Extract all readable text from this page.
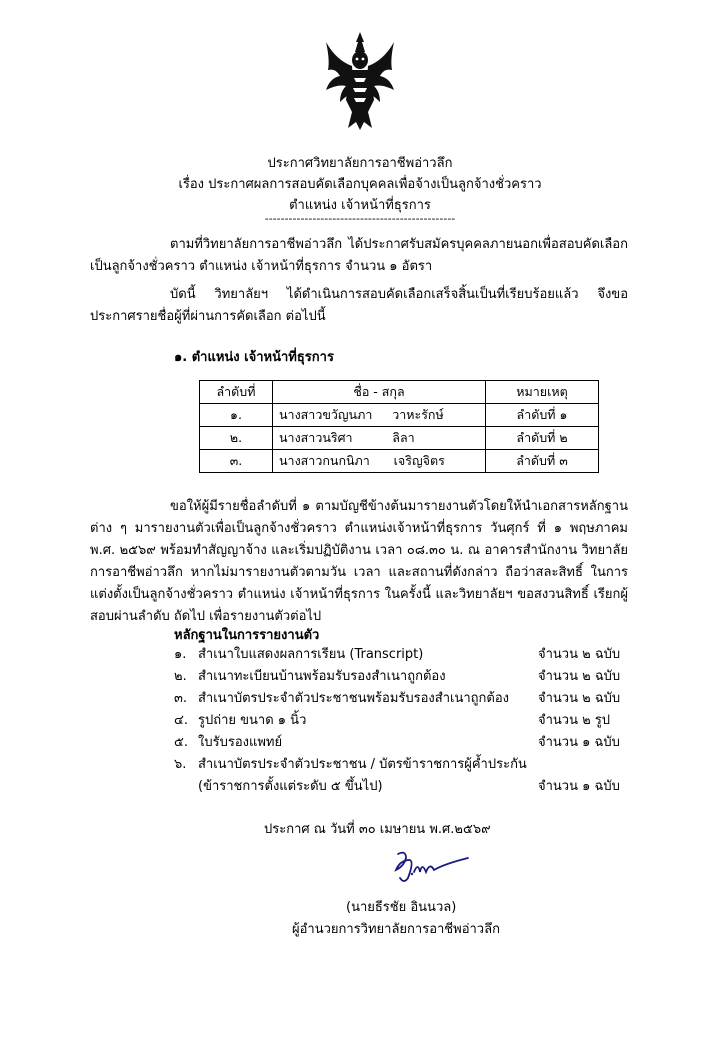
ประกาศวิทยาลัยการอาชีพอ่าวลึก
เรื่อง ประกาศผลการสอบคัดเลือกบุคคลเพื่อจ้างเป็นลูกจ้างชั่วคราว
ตำแหน่ง เจ้าหน้าที่ธุรการ
------------------------------------------------
ตามที่วิทยาลัยการอาชีพอ่าวลึก ได้ประกาศรับสมัครบุคคลภายนอกเพื่อสอบคัดเลือกเป็นลูกจ้างชั่วคราว ตำแหน่ง เจ้าหน้าที่ธุรการ จำนวน ๑ อัตรา
บัดนี้ วิทยาลัยฯ ได้ดำเนินการสอบคัดเลือกเสร็จสิ้นเป็นที่เรียบร้อยแล้ว จึงขอประกาศรายชื่อผู้ที่ผ่านการคัดเลือก ต่อไปนี้
๑. ตำแหน่ง เจ้าหน้าที่ธุรการ
ลำดับที่	ชื่อ - สกุล	หมายเหตุ
๑.	นางสาวขวัญนภา     วาหะรักษ์	ลำดับที่ ๑
๒.	นางสาวนริศา          ลิลา	ลำดับที่ ๒
๓.	นางสาวกนกนิภา      เจริญจิตร	ลำดับที่ ๓
ขอให้ผู้มีรายชื่อลำดับที่ ๑ ตามบัญชีข้างต้นมารายงานตัวโดยให้นำเอกสารหลักฐานต่าง ๆ มารายงานตัวเพื่อเป็นลูกจ้างชั่วคราว ตำแหน่งเจ้าหน้าที่ธุรการ วันศุกร์ ที่ ๑ พฤษภาคม พ.ศ. ๒๕๖๙ พร้อมทำสัญญาจ้าง และเริ่มปฏิบัติงาน เวลา ๐๘.๓๐ น. ณ อาคารสำนักงาน วิทยาลัยการอาชีพอ่าวลึก หากไม่มารายงานตัวตามวัน เวลา และสถานที่ดังกล่าว ถือว่าสละสิทธิ์ ในการแต่งตั้งเป็นลูกจ้างชั่วคราว ตำแหน่ง เจ้าหน้าที่ธุรการ ในครั้งนี้ และวิทยาลัยฯ ขอสงวนสิทธิ์ เรียกผู้สอบผ่านลำดับ ถัดไป เพื่อรายงานตัวต่อไป
หลักฐานในการรายงานตัว
๑. สำเนาใบแสดงผลการเรียน (Transcript)	จำนวน ๒ ฉบับ
๒. สำเนาทะเบียนบ้านพร้อมรับรองสำเนาถูกต้อง	จำนวน ๒ ฉบับ
๓. สำเนาบัตรประจำตัวประชาชนพร้อมรับรองสำเนาถูกต้อง จำนวน ๒ ฉบับ
๔. รูปถ่าย ขนาด ๑ นิ้ว	จำนวน ๒ รูป
๕. ใบรับรองแพทย์	จำนวน ๑ ฉบับ
๖. สำเนาบัตรประจำตัวประชาชน / บัตรข้าราชการผู้ค้ำประกัน
(ข้าราชการตั้งแต่ระดับ ๕ ขึ้นไป)	จำนวน ๑ ฉบับ
ประกาศ ณ วันที่ ๓๐ เมษายน พ.ศ.๒๕๖๙
(นายธีรชัย อินนวล)
ผู้อำนวยการวิทยาลัยการอาชีพอ่าวลึก
